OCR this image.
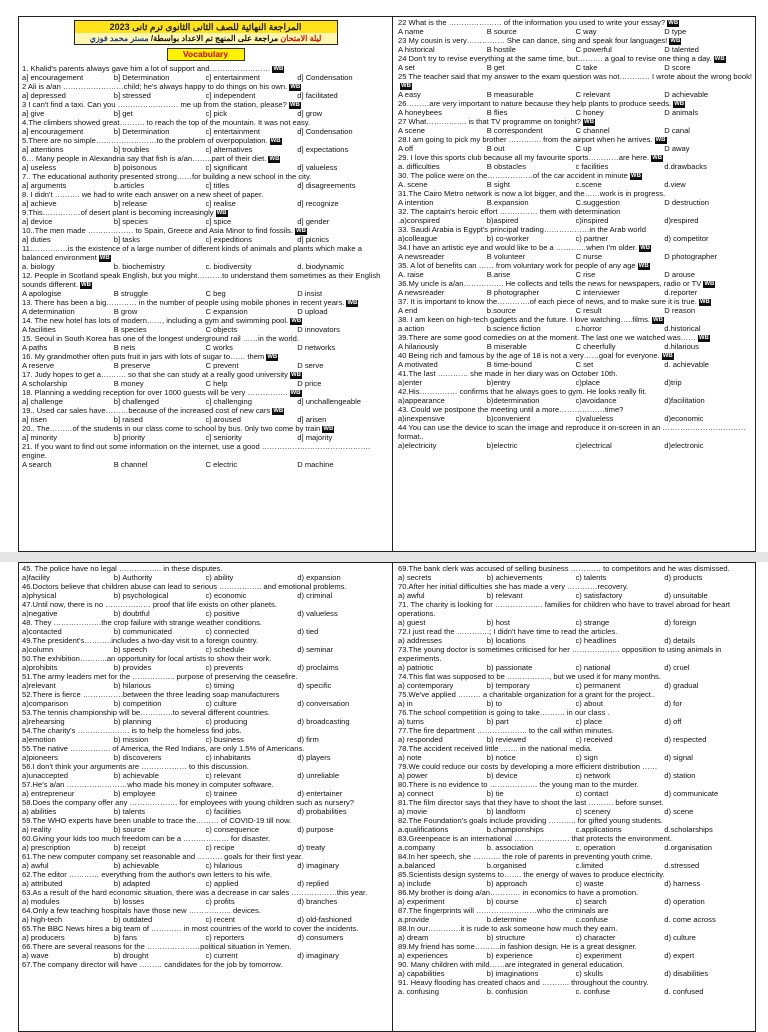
المراجعة النهائية للصف الثانى الثانوى ترم ثانى 2023
ليلة الامتحان مراجعة على المنهج تم الاعداد بواسطة/ مستر محمد فوزي
Vocabulary
1. Khalid's parents always gave him a lot of support and…………………… WB
a] encouragement	b] Determination	c] entertainment	d] Condensation
2 Ali is a/an ……………………child; he's always happy to do things on his own. WB
a] depressed	b] stressed	c] independent	d] facilitated
3 I can't find a taxi. Can you …………………… me up from the station, please? WB
a] give	b] get	c] pick	d] grow
4.The climbers showed great………. to reach the top of the mountain. It was not easy.
a] encouragement	b] Determination	c] entertainment	d] Condensation
5.There are no simple……………………to the problem of overpopulation. WB
a] attentions	b] troubles	c] alternatives	d] expectations
6… Many people in Alexandria say that fish is a/an……..part of their diet. WB
a] useless	b] poisonous	c] significant	d] valueless
7.. The educational authority presented strong……for building a new school in the city.
a] arguments	b.articles	c] titles	d] disagreements
8. I didn't ………. we had to write each answer on a new sheet of paper.
a] achieve	b] release	c] realise	d] recognize
9.This……………of desert plant is becoming increasingly WB
a] device	b] species	c] spice	d] gender
10..The men made ……………… to Spain, Greece and Asia Minor to find fossils. WB
a] duties	b] tasks	c] expeditions	d] picnics
11……………is the existence of a large number of different kinds of animals and plants which make a balanced environment WB
a. biology	b. biochemistry	c. biodiversity	d. biodynamic
12. People in Scotland speak English, but you might……….to understand them sometimes as their English sounds different. WB
A apologise	B struggle	C beg	D insist
13. There has been a big………… in the number of people using mobile phones in recent years. WB
A determination	B grow	C expansion	D upload
14. The new hotel has lots of modern……, including a gym and swimming pool. WB
A facilities	B species	C objects	D innovators
15. Seoul in South Korea has one of the longest underground rail ……in the world.
A paths	B nets	C works	D networks
16. My grandmother often puts fruit in jars with lots of sugar to…… them WB
A reserve	B preserve	C prevent	D serve
17. Judy hopes to get a………. so that she can study at a really good university WB
A scholarship	B money	C help	D price
18. Planning a wedding reception for over 1000 guests will be very ……………. WB
a] challenge	b] challenged	c] challenging	d] unchallengeable
19.. Used car sales have………because of the increased cost of new cars WB
a] risen	b] raised	c] aroused	d] arisen
20.. The………of the students in our class come to school by bus. 0nly two come by train WB
a] minority	b] priority	c] seniority	d] majority
21. If you want to find out some information on the internet, use a good ……………………………………. engine.
A search	B channel	C electric	D machine
22 What is the ………………… of the information you used to write your essay? WB
A name	B source	C way	D type
23 My cousin is very…………… She can dance, sing and speak four languages! WB
A historical	B hostile	C powerful	D talented
24 Don't try to revise everything at the same time, but………. a goal to revise one thing a day. WB
A set	B get	C take	D score
25 The teacher said that my answer to the exam question was not………… I wrote about the wrong book!WB
A easy	B measurable	C relevant	D achievable
26………are very important to nature because they help plants to produce seeds. WB
A honeybees	B flies	C honey	D animals
27 What……………. is that TV programme on tonight? WB
A scene	B correspondent	C channel	D canal
28.I am going to pick my brother …………. from the airport when he arrives. WB
A off	B out	C up	D away
29. I love this sports club because all my favourite sports…………are here. WB
a. difficulties	B obstacles	c facilities	d.drawbacks
30. The police were on the………………of the car accident in minute WB
A. scene	B sight	c.scene	d.view
31.The Cairo Metro network is now a lot bigger, and the……work is in progress.
A intention	B.expansion	C.suggestion	D destruction
32. The captain's heroic effort …………… them with determination
.a)conspired	b)aspired	c)inspired	d)respired
33. Saudi Arabia is Egypt's principal trading………………in the Arab world
a)colleague	b) co-worker	c) partner	d) competitor
34.I have an artistic eye and would like to be a …………when I'm older. WB
A newsreader	B volunteer	C nurse	D photographer
35. A lot of benefits can …… from voluntary work for people of any age WB
A. raise	B.arise	C rise	D arouse
36.My uncle is a/an……………. He collects and tells the news for newspapers, radio or TV WB
A newsreader	B photographer	C interviewer	d.reporter
37. It is important to know the………….of each piece of news, and to make sure it is true. WB
A end	b.source	C result	D reason
38. I am keen on high-tech gadgets and the future. I love watching…..films. WB
a action	b.science fiction	c.horror	d.historical
39.There are some good comedies on at the moment. The last one we watched was…… WB
A hilariously	B miserable	C cheerfully	d.hilarious
40 Being rich and famous by the age of 18 is not a very……goal for everyone. WB
A motivated	B time-bound	C set	d. achievable
41.The last ………… she made in her diary was on October 10th.
a)enter	b)entry	c)place	d)trip
42.His…………… confirms that he always goes to gym. He looks really fit.
a)appearance	b)determination	c)avoidance	d)facilitation
43. Could we postpone the meeting until a more………………time?
a)inexpensive	b)convenient	c)valueless	d)economic
44 You can use the device to scan the image and reproduce it on-screen in an …………………………… format..
a)electricity	b)electric	c)electrical	d)electronic
45. The police have no legal …………….. in these disputes.
a)facility	b) Authority	c) ability	d) expansion
46.Doctors believe that children abuse can lead to serious …………….. and emotional problems.
a)physical	b) psychological	c) economic	d) criminal
47.Until now, there is no ……………… proof that life exists on other planets.
a)negative	b) doubtful	c) positive	d) valueless
48. They ……………….the crop failure with strange weather conditions.
a)contacted	b) communicated	c) connected	d) tied
49.The president's………..includes a two-day visit to a foreign country.
a)column	b) speech	c) schedule	d) seminar
50.The exhibition………..an opportunity for local artists to show their work.
a)prohibits	b) provides	c) prevents	d) proclaims
51.The army leaders met for the …………….. purpose of preserving the ceasefire.
a)relevant	b) hilarious	c) timing	d) specific
52.There is fierce …………….between the three leading soap manufacturers
a)comparison	b) competition	c) culture	d) conversation
53.The tennis championship will be………….to several different countries.
a)rehearsing	b) planning	c) producing	d) broadcasting
54.The charity's …………..……. is to help the homeless find jobs.
a)emotion	b) mission	c) business	d) firm
55.The native ……………. of America, the Red Indians, are only 1.5% of Americans.
a)pioneers	b) discoverers	c) inhabitants	d) players
56.I don't think your arguments are ……………… to this discussion.
a)unaccepted	b) achievable	c) relevant	d) unreliable
57.He's a/an ……………………who made his money in computer software.
a) entrepreneur	b) employee	c) trainee	d) entertainer
58.Does the company offer any ………………. for employees with young children such as nursery?
a) abilities	b) talents	c) facilities	d) probabilities
59.The WHO experts have been unable to trace the……… of COVID-19 till now.
a) reality	b) source	c) consequence	d) purpose
60.Giving your kids too much freedom can be a ……………… for disaster.
a) prescription	b) receipt	c) recipe	d) treaty
61.The new computer company set reasonable and ………. goals for their first year.
a) awful	b) achievable	c) hilarious	d) imaginary
62.The editor ………… everything from the author's own letters to his wife.
a) attributed	b) adapted	c) applied	d) replied
63.As a result of the hard economic situation, there was a decrease in car sales ………………this year.
a) modules	b) losses	c) profits	d) branches
64.Only a few teaching hospitals have those new …………….. devices.
a) high-tech	b) outdated	c) recent	d) old-fashioned
65.The BBC News hires a big team of ………… in most countries of the world to cover the incidents.
a) producers	b) fans	c) reporters	d) consumers
66.There are several reasons for the …………………political situation in Yemen.
a) wave	b) drought	c) current	d) imaginary
67.The company director will have ……… candidates for the job by tomorrow.
69.The bank clerk was accused of selling business ………… to competitors and he was dismissed.
a) secrets	b) achievements	c) talents	d) products
70.After her initial difficulties she has made a very …………recovery.
a) awful	b) relevant	c) satisfactory	d) unsuitable
71. The charity is looking for ………………. families for children who have to travel abroad for heart operations.
a) guest	b) host	c) strange	d) foreign
72.I just read the ………….; I didn't have time to read the articles.
a) addresses	b) locations	c) headlines	d) details
73.The young doctor is sometimes criticised for her ………………. opposition to using animals in experiments.
a) patriotic	b) passionate	c) national	d) cruel
74.This flat was supposed to be …………….., but we used it for many months.
a) contemporary	b) temporary	c) permanent	d) gradual
75.We've applied ……… a charitable organization for a grant for the project..
a) in	b) to	c) about	d) for
76.The school competition is going to take………. in our class .
a) turns	b) part	c) place	d) off
77.The fire department ……………….. to the call within minutes.
a) responded	b) reviewed	c) received	d) respected
78.The accident received little ……. in the national media.
a) note	b) notice	c) sign	d) signal
79.We could reduce our costs by developing a more efficient distribution ……
a) power	b) device	c) network	d) station
80.There is no evidence to ………………. the young man to the murder.
a) connect	b) tie	c) contact	d) communicate
81.The film director says that they have to shoot the last ………. before sunset.
a) movie	b) landform	c) scenery	d) scene
82.The Foundation's goals include providing ……….. for gifted young students.
a.qualifications	b.championships	c.applications	d.scholarships
83.Greenpeace is an international …………………. that protects the environment.
a.company	b. association	c. operation	d.organisation
84.In her speech, she ……….. the role of parents in preventing youth crime.
a.balanced	b.organised	c.limited	d.stressed
85.Scientists design systems to……. the energy of waves to produce electricity.
a) include	b) approach	c) waste	d) harness
86.My brother is doing a/an………… in economics to have a promotion.
a) experiment	b) course	c) search	d) operation
87.The fingerprints will ……………………who the criminals are
a.provide	b.determine	c.confuse	d. come across
88.In our………….it is rude to ask someone how much they earn.
a) dream	b) structure	c) character	d) culture
89.My friend has some……….in fashion design. He is a great designer.
a) experiences	b) experience	c) experiment	d) expert
90. Many children with mild……are integrated in general education.
a) capabilities	b) imaginations	c) skulls	d) disabilities
91. Heavy flooding has created chaos and ……….. throughout the country.
a. confusing	b. confusion	c. confuse	d. confused
